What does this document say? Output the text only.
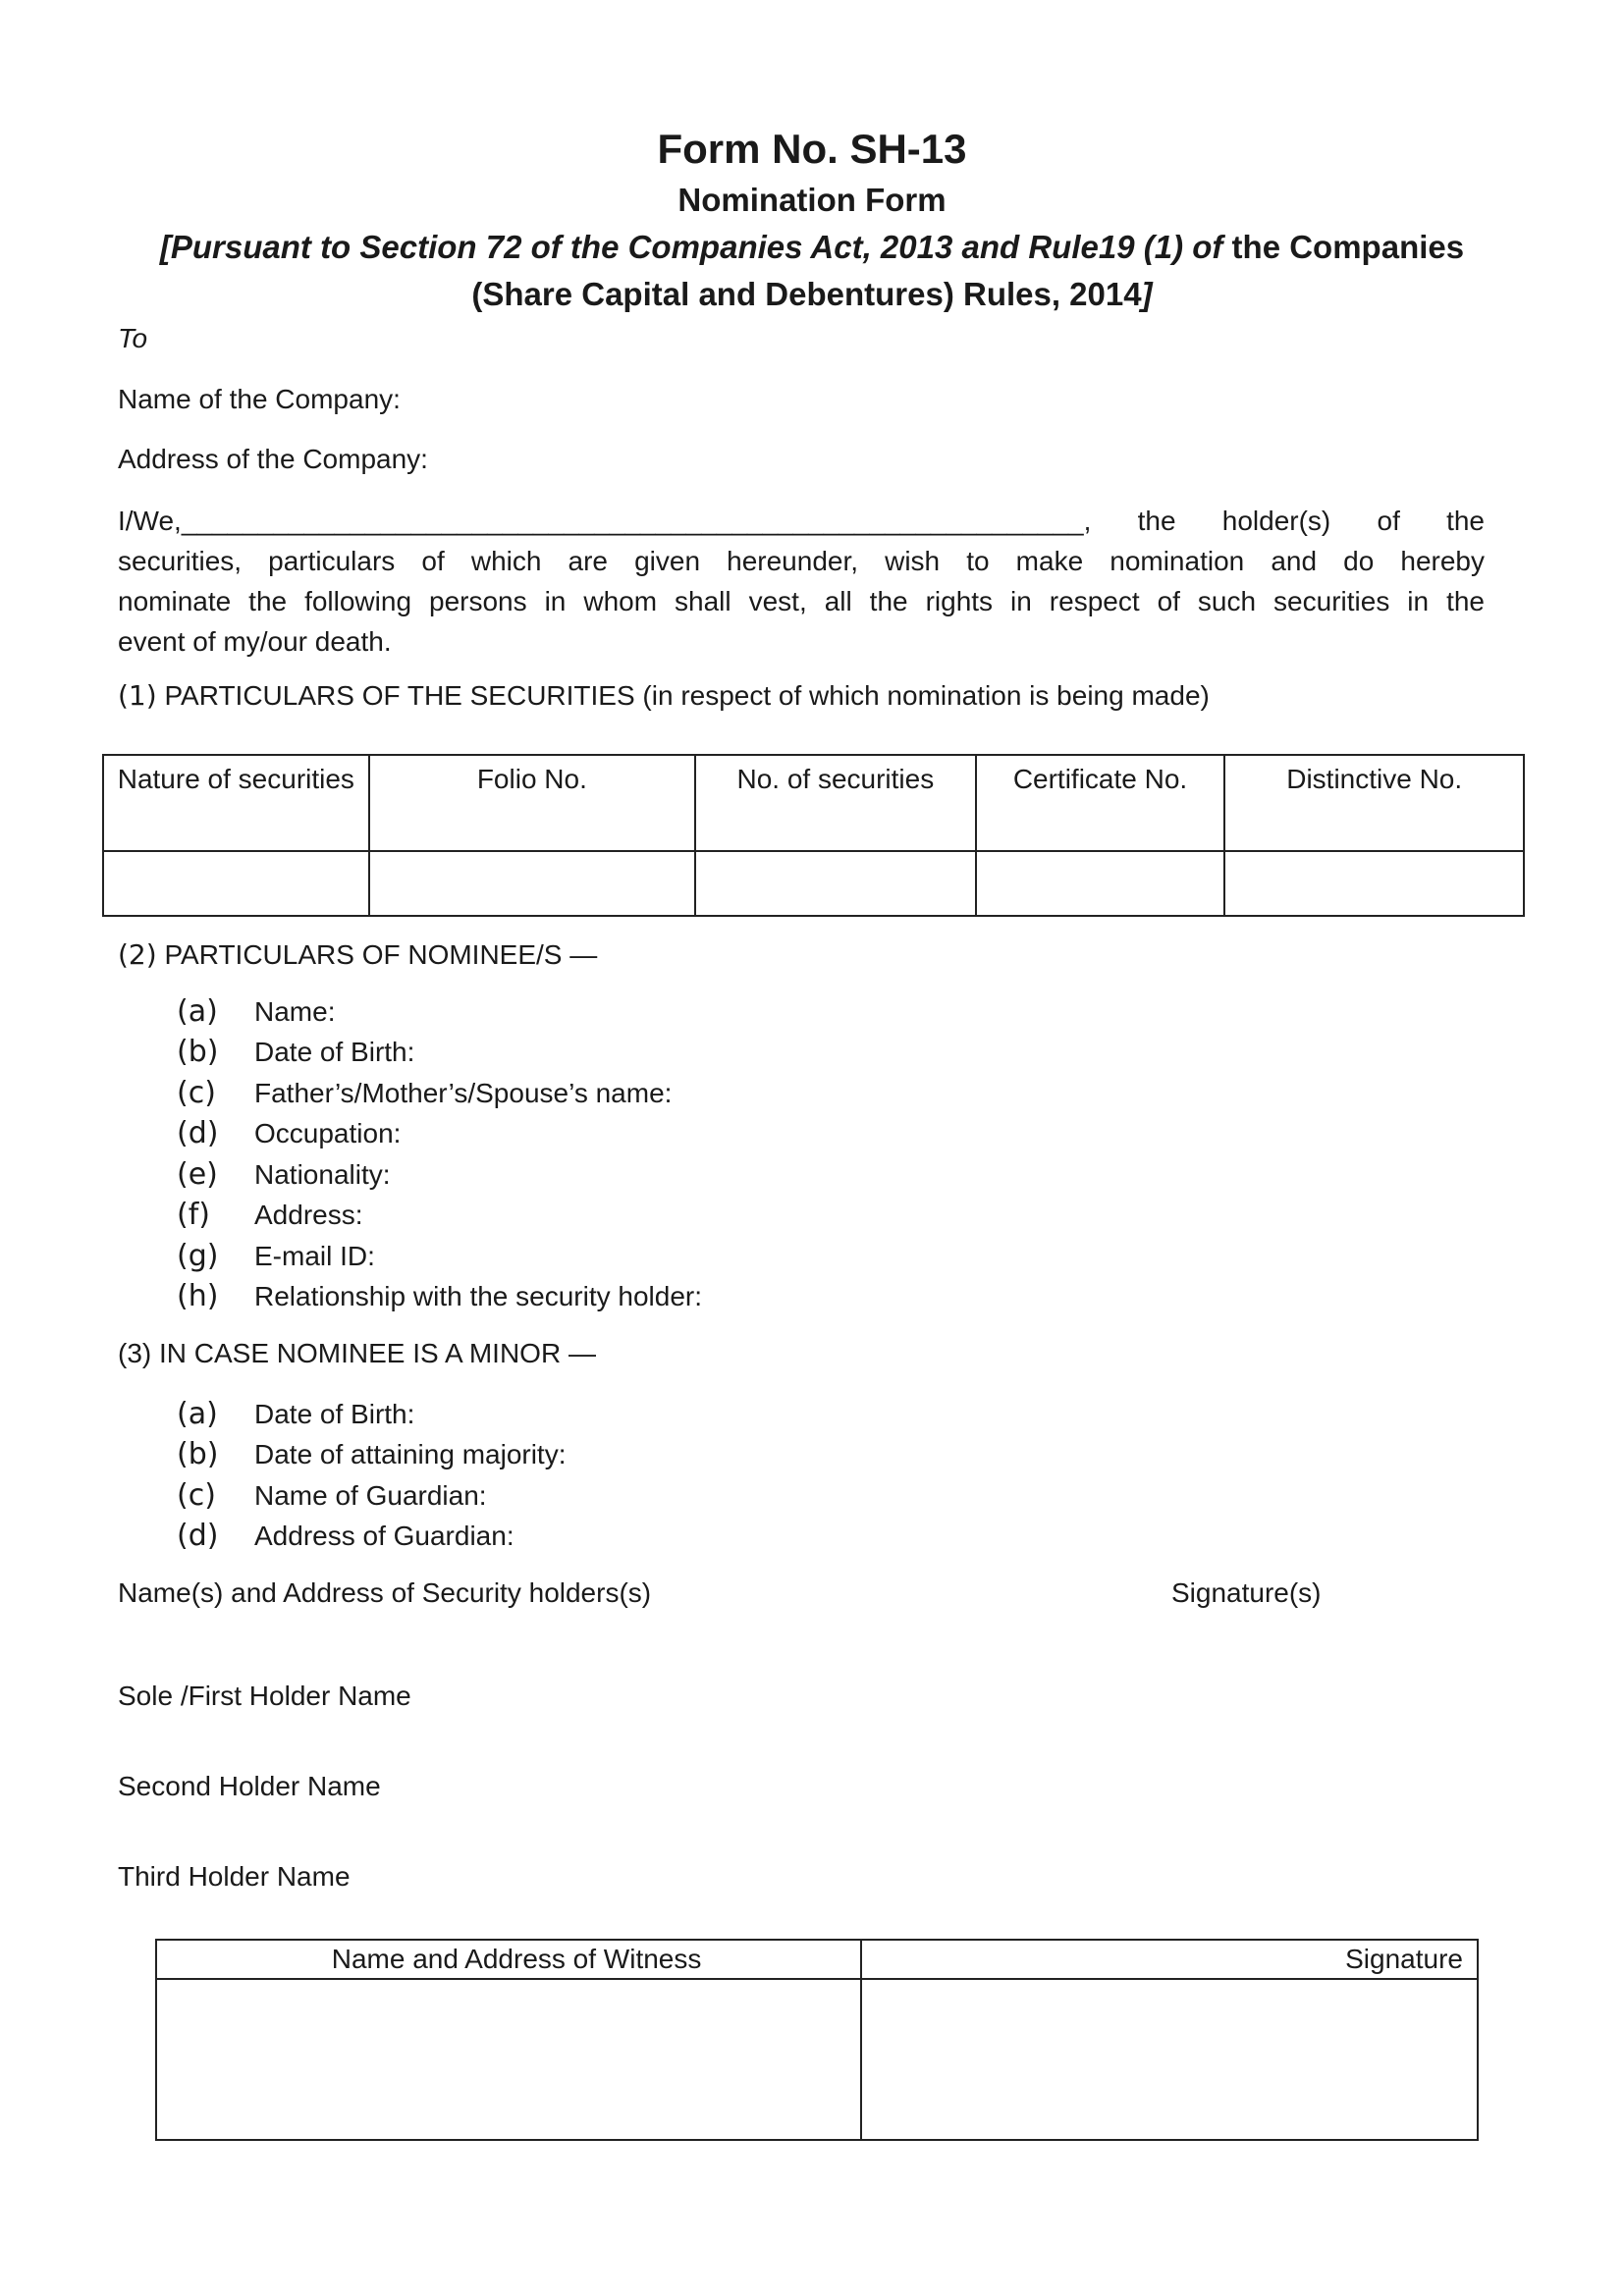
Form No. SH-13
Nomination Form
[Pursuant to Section 72 of the Companies Act, 2013 and Rule19 (1) of the Companies
(Share Capital and Debentures) Rules, 2014]
To
Name of the Company:
Address of the Company:
I/We,___________________________________________________________, the holder(s) of the
securities, particulars of which are given hereunder, wish to make nomination and do hereby
nominate the following persons in whom shall vest, all the rights in respect of such securities in the
event of my/our death.
(1) PARTICULARS OF THE SECURITIES (in respect of which nomination is being made)
Nature of securities	Folio No.	No. of securities	Certificate No.	Distinctive No.

(2) PARTICULARS OF NOMINEE/S —
(a) Name:
(b) Date of Birth:
(c) Father’s/Mother’s/Spouse’s name:
(d) Occupation:
(e) Nationality:
(f) Address:
(g) E-mail ID:
(h) Relationship with the security holder:
(3) IN CASE NOMINEE IS A MINOR —
(a) Date of Birth:
(b) Date of attaining majority:
(c) Name of Guardian:
(d) Address of Guardian:
Name(s) and Address of Security holders(s)	Signature(s)
Sole /First Holder Name
Second Holder Name
Third Holder Name
Name and Address of Witness	Signature
